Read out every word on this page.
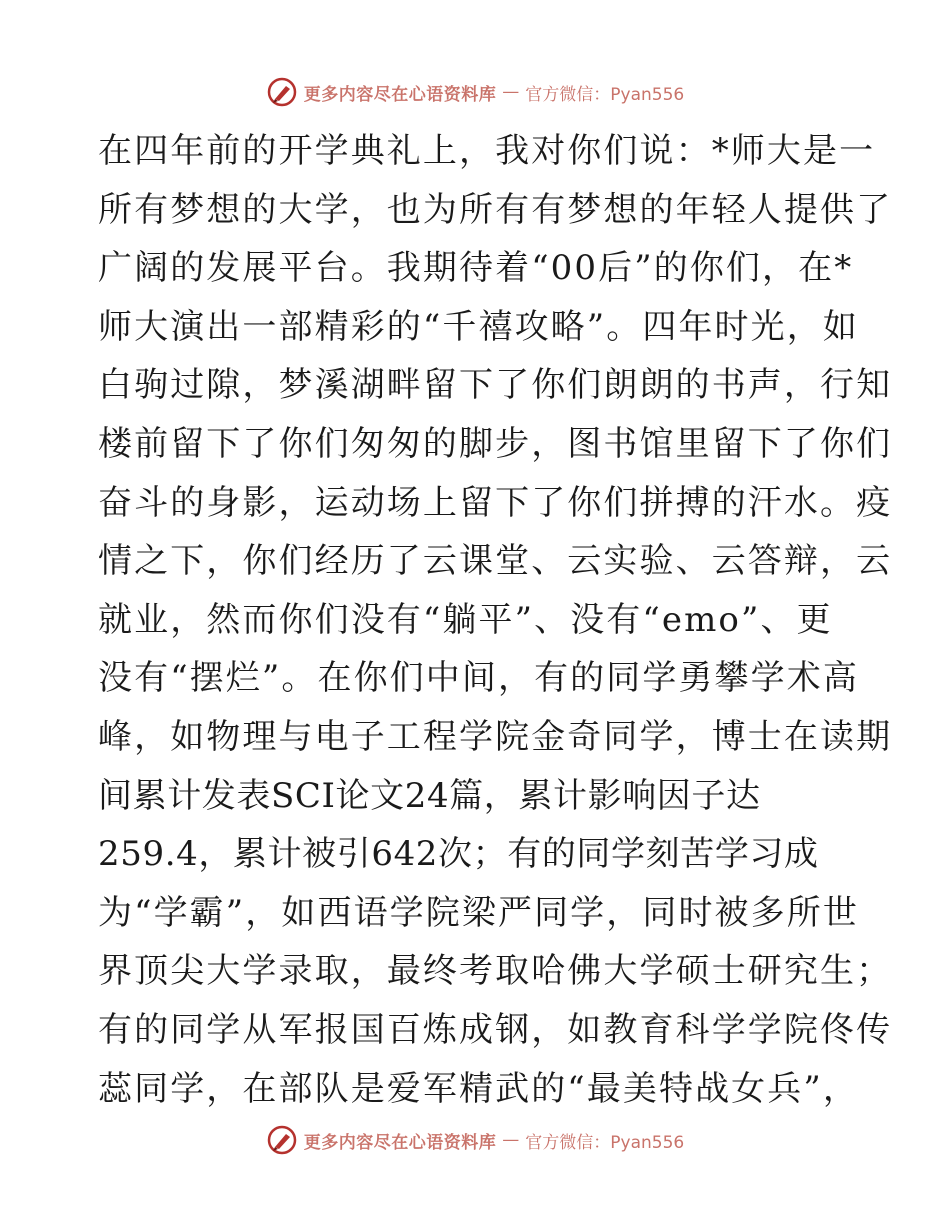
更多内容尽在心语资料库 — 官方微信：Pyan556
在四年前的开学典礼上，我对你们说：*师大是一
所有梦想的大学，也为所有有梦想的年轻人提供了
广阔的发展平台。我期待着“00后”的你们，在*
师大演出一部精彩的“千禧攻略”。四年时光，如
白驹过隙，梦溪湖畔留下了你们朗朗的书声，行知
楼前留下了你们匆匆的脚步，图书馆里留下了你们
奋斗的身影，运动场上留下了你们拼搏的汗水。疫
情之下，你们经历了云课堂、云实验、云答辩，云
就业，然而你们没有“躺平”、没有“emo”、更
没有“摆烂”。在你们中间，有的同学勇攀学术高
峰，如物理与电子工程学院金奇同学，博士在读期
间累计发表SCI论文24篇，累计影响因子达
259.4，累计被引642次；有的同学刻苦学习成
为“学霸”，如西语学院梁严同学，同时被多所世
界顶尖大学录取，最终考取哈佛大学硕士研究生；
有的同学从军报国百炼成钢，如教育科学学院佟传
蕊同学，在部队是爱军精武的“最美特战女兵”，
更多内容尽在心语资料库 — 官方微信：Pyan556
